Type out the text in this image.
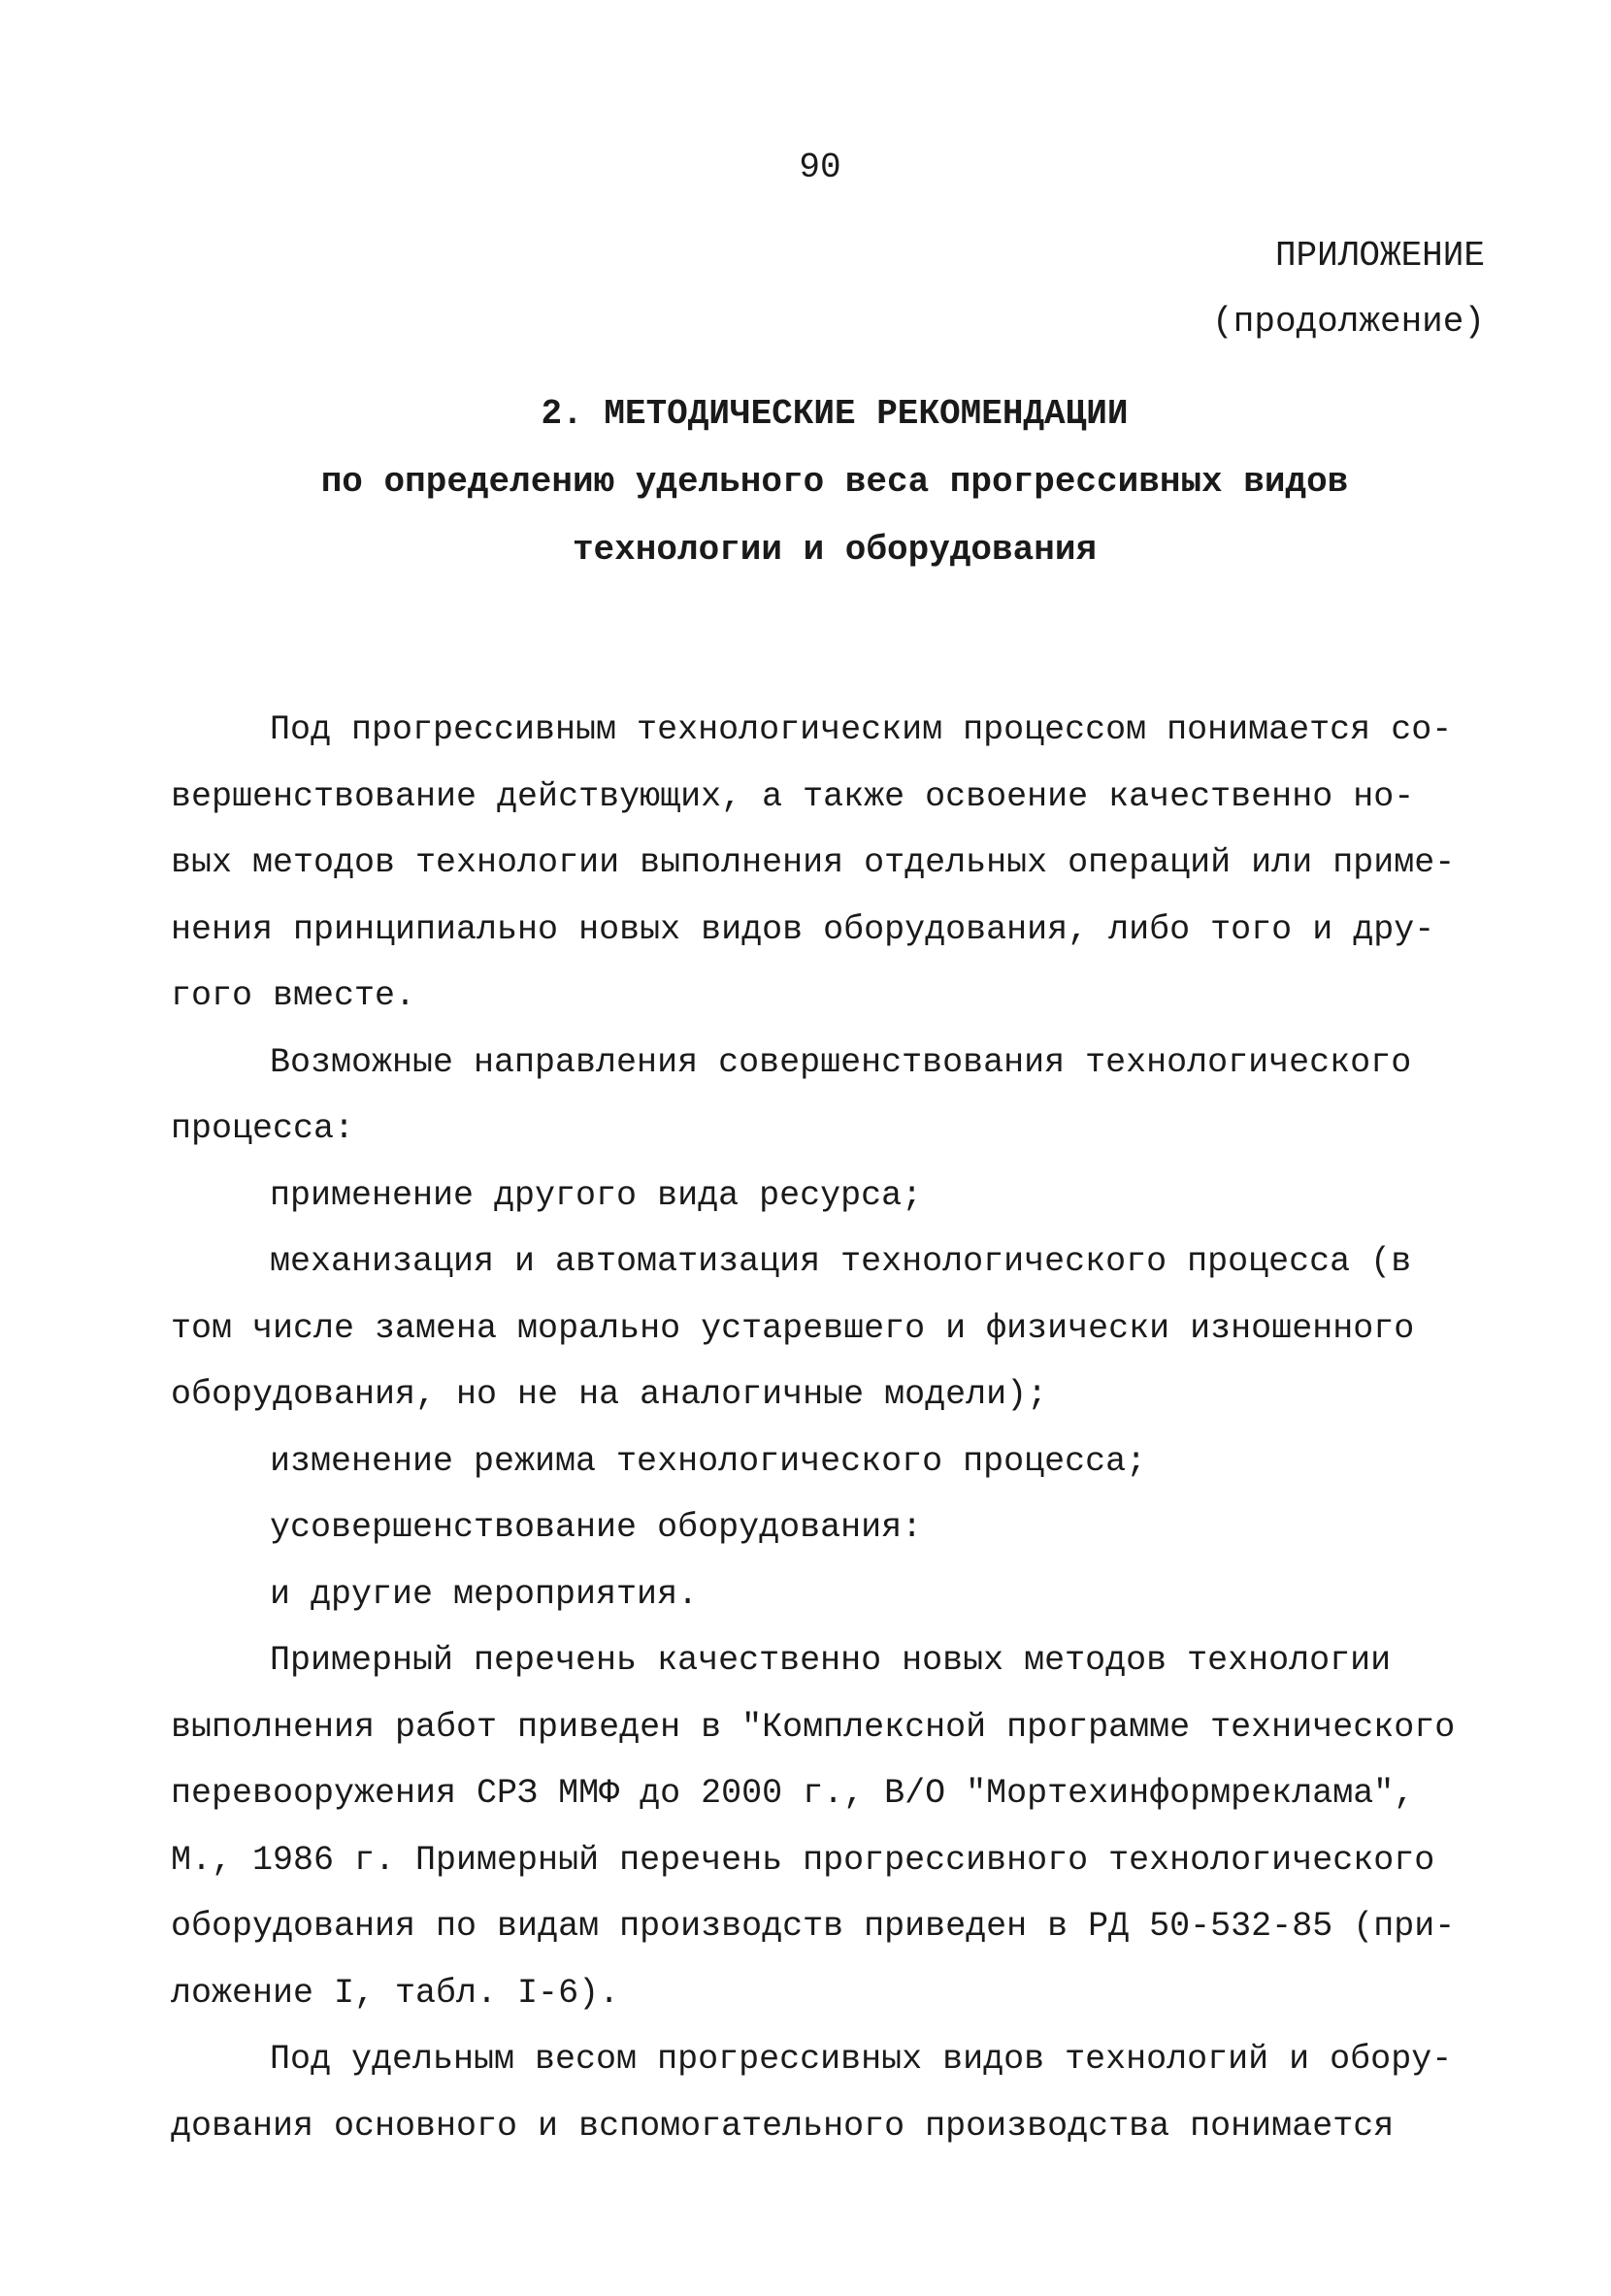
90
ПРИЛОЖЕНИЕ
(продолжение)
2. МЕТОДИЧЕСКИЕ РЕКОМЕНДАЦИИ
по определению удельного веса прогрессивных видов
технологии и оборудования
Под прогрессивным технологическим процессом понимается со-
вершенствование действующих, а также освоение качественно но-
вых методов технологии выполнения отдельных операций или приме-
нения принципиально новых видов оборудования, либо того и дру-
гого вместе.
Возможные направления совершенствования технологического
процесса:
применение другого вида ресурса;
механизация и автоматизация технологического процесса (в
том числе замена морально устаревшего и физически изношенного
оборудования, но не на аналогичные модели);
изменение режима технологического процесса;
усовершенствование оборудования:
и другие мероприятия.
Примерный перечень качественно новых методов технологии
выполнения работ приведен в "Комплексной программе технического
перевооружения СРЗ ММФ до 2000 г., В/О "Мортехинформреклама",
М., 1986 г. Примерный перечень прогрессивного технологического
оборудования по видам производств приведен в РД 50-532-85 (при-
ложение I, табл. I-6).
Под удельным весом прогрессивных видов технологий и обору-
дования основного и вспомогательного производства понимается
